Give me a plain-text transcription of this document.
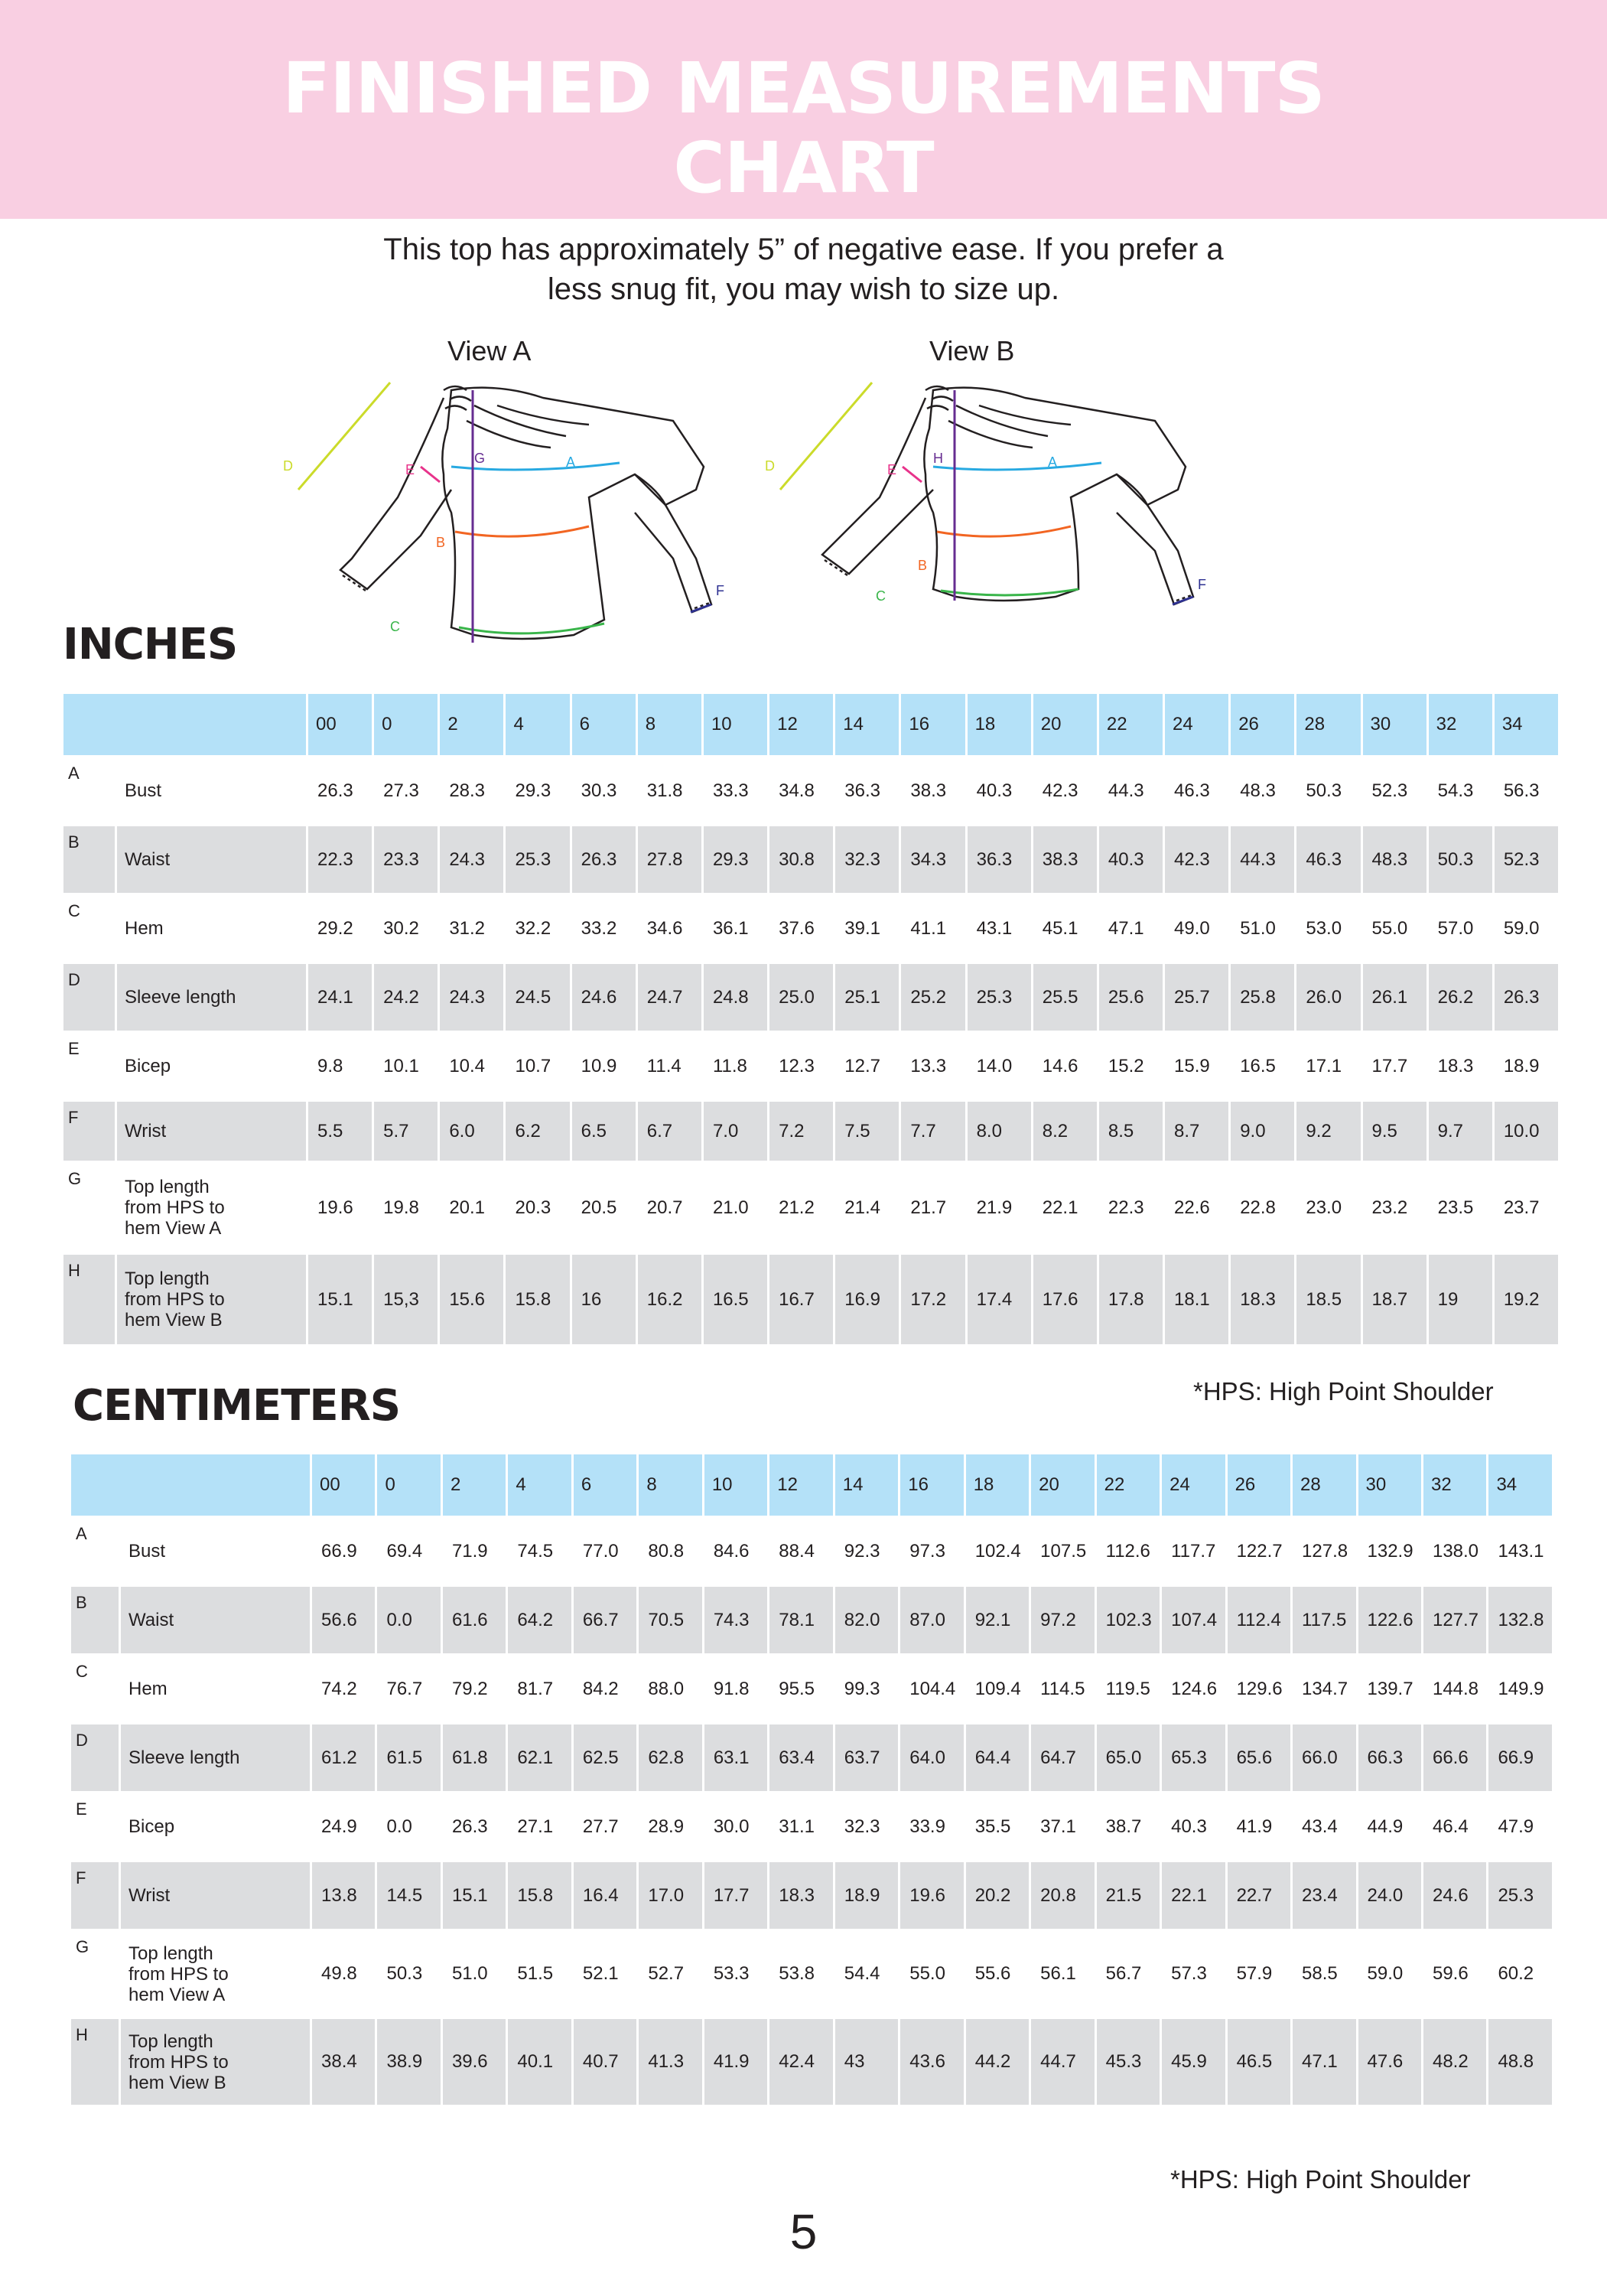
FINISHED MEASUREMENTS
CHART
This top has approximately 5” of negative ease. If you prefer a
less snug fit, you may wish to size up.
View A	View B
D	E
G	A
B
C
F
D	E
H	A
B
C
F
INCHES
		00	0	2	4	6	8	10	12	14	16	18	20	22	24	26	28	30	32	34
A	Bust	26.3	27.3	28.3	29.3	30.3	31.8	33.3	34.8	36.3	38.3	40.3	42.3	44.3	46.3	48.3	50.3	52.3	54.3	56.3
B	Waist	22.3	23.3	24.3	25.3	26.3	27.8	29.3	30.8	32.3	34.3	36.3	38.3	40.3	42.3	44.3	46.3	48.3	50.3	52.3
C	Hem	29.2	30.2	31.2	32.2	33.2	34.6	36.1	37.6	39.1	41.1	43.1	45.1	47.1	49.0	51.0	53.0	55.0	57.0	59.0
D	Sleeve length	24.1	24.2	24.3	24.5	24.6	24.7	24.8	25.0	25.1	25.2	25.3	25.5	25.6	25.7	25.8	26.0	26.1	26.2	26.3
E	Bicep	9.8	10.1	10.4	10.7	10.9	11.4	11.8	12.3	12.7	13.3	14.0	14.6	15.2	15.9	16.5	17.1	17.7	18.3	18.9
F	Wrist	5.5	5.7	6.0	6.2	6.5	6.7	7.0	7.2	7.5	7.7	8.0	8.2	8.5	8.7	9.0	9.2	9.5	9.7	10.0
G	Top length
from HPS to
hem View A	19.6	19.8	20.1	20.3	20.5	20.7	21.0	21.2	21.4	21.7	21.9	22.1	22.3	22.6	22.8	23.0	23.2	23.5	23.7
H	Top length
from HPS to
hem View B	15.1	15,3	15.6	15.8	16	16.2	16.5	16.7	16.9	17.2	17.4	17.6	17.8	18.1	18.3	18.5	18.7	19	19.2
CENTIMETERS	*HPS: High Point Shoulder
		00	0	2	4	6	8	10	12	14	16	18	20	22	24	26	28	30	32	34
A	Bust	66.9	69.4	71.9	74.5	77.0	80.8	84.6	88.4	92.3	97.3	102.4	107.5	112.6	117.7	122.7	127.8	132.9	138.0	143.1
B	Waist	56.6	0.0	61.6	64.2	66.7	70.5	74.3	78.1	82.0	87.0	92.1	97.2	102.3	107.4	112.4	117.5	122.6	127.7	132.8
C	Hem	74.2	76.7	79.2	81.7	84.2	88.0	91.8	95.5	99.3	104.4	109.4	114.5	119.5	124.6	129.6	134.7	139.7	144.8	149.9
D	Sleeve length	61.2	61.5	61.8	62.1	62.5	62.8	63.1	63.4	63.7	64.0	64.4	64.7	65.0	65.3	65.6	66.0	66.3	66.6	66.9
E	Bicep	24.9	0.0	26.3	27.1	27.7	28.9	30.0	31.1	32.3	33.9	35.5	37.1	38.7	40.3	41.9	43.4	44.9	46.4	47.9
F	Wrist	13.8	14.5	15.1	15.8	16.4	17.0	17.7	18.3	18.9	19.6	20.2	20.8	21.5	22.1	22.7	23.4	24.0	24.6	25.3
G	Top length
from HPS to
hem View A	49.8	50.3	51.0	51.5	52.1	52.7	53.3	53.8	54.4	55.0	55.6	56.1	56.7	57.3	57.9	58.5	59.0	59.6	60.2
H	Top length
from HPS to
hem View B	38.4	38.9	39.6	40.1	40.7	41.3	41.9	42.4	43	43.6	44.2	44.7	45.3	45.9	46.5	47.1	47.6	48.2	48.8
*HPS: High Point Shoulder
5
